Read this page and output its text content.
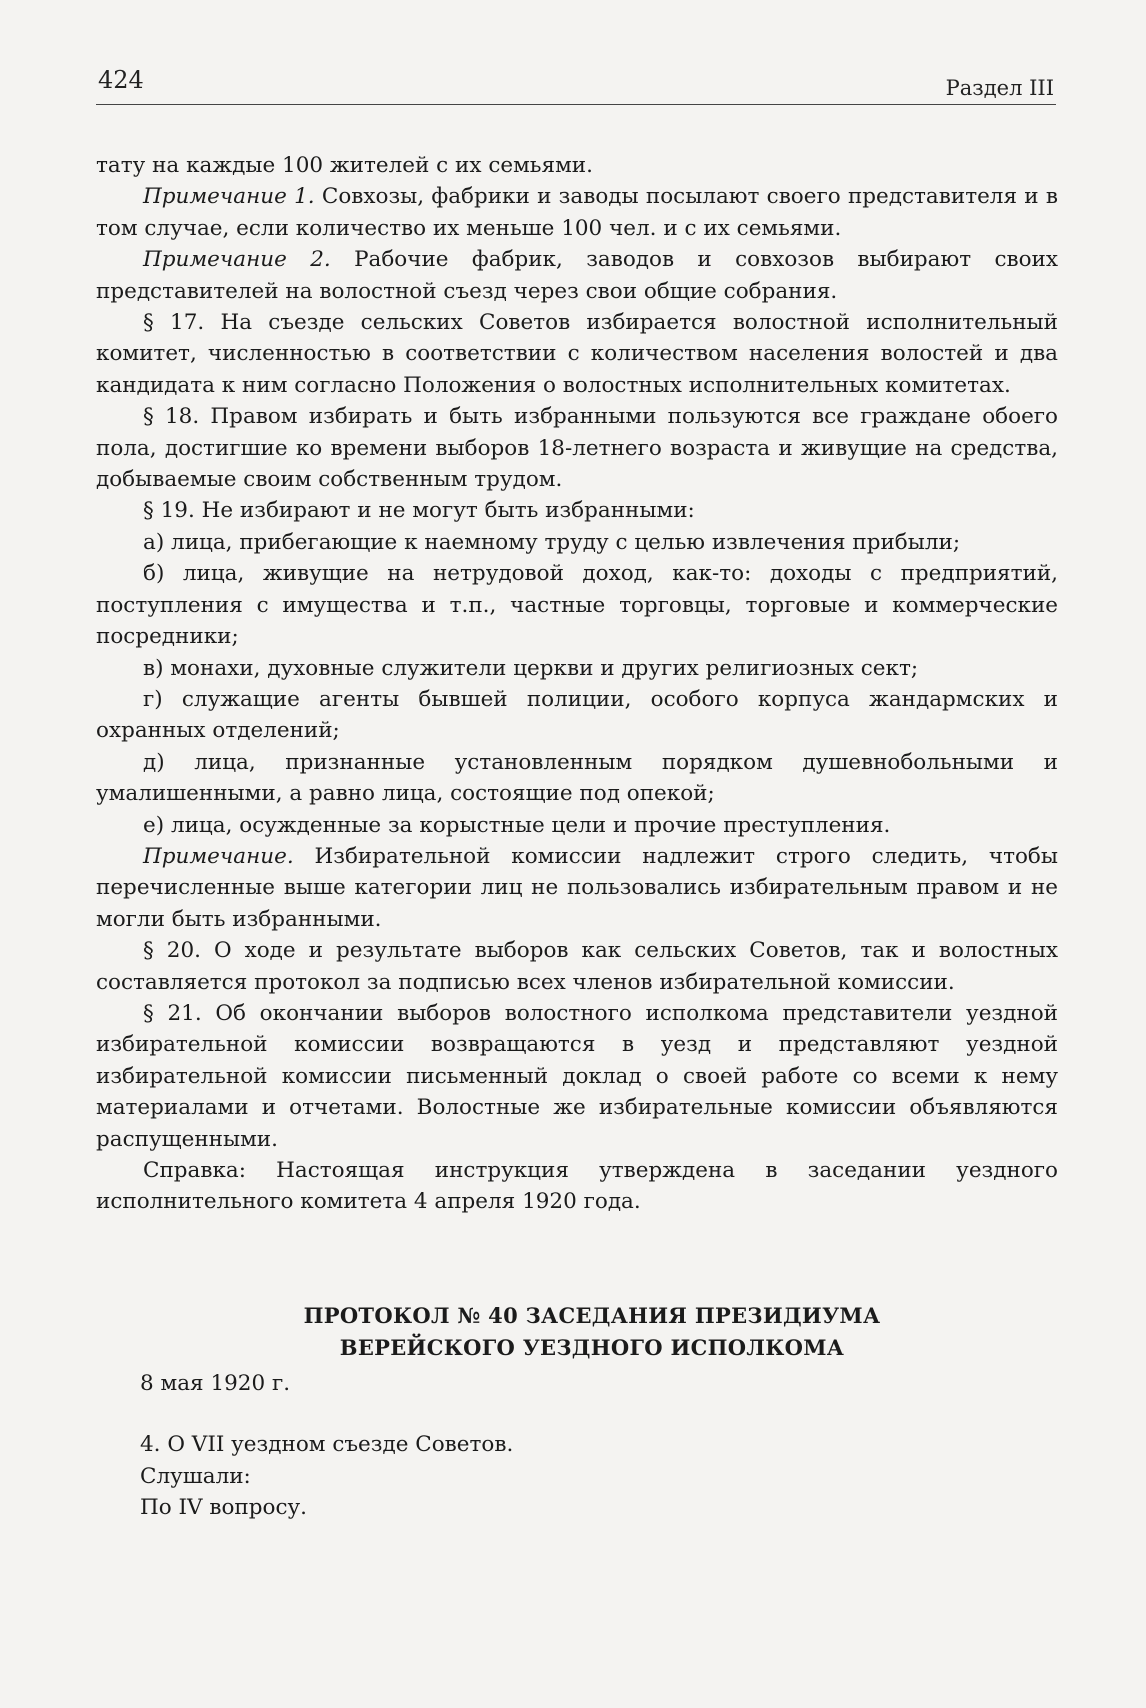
424	Раздел III

тату на каждые 100 жителей с их семьями.

Примечание 1. Совхозы, фабрики и заводы посылают своего представителя и в том случае, если количество их меньше 100 чел. и с их семьями.

Примечание 2. Рабочие фабрик, заводов и совхозов выбирают своих представителей на волостной съезд через свои общие собрания.

§ 17. На съезде сельских Советов избирается волостной исполнительный комитет, численностью в соответствии с количеством населения волостей и два кандидата к ним согласно Положения о волостных исполнительных комитетах.

§ 18. Правом избирать и быть избранными пользуются все граждане обоего пола, достигшие ко времени выборов 18-летнего возраста и живущие на средства, добываемые своим собственным трудом.

§ 19. Не избирают и не могут быть избранными:

а) лица, прибегающие к наемному труду с целью извлечения прибыли;

б) лица, живущие на нетрудовой доход, как-то: доходы с предприятий, поступления с имущества и т.п., частные торговцы, торговые и коммерческие посредники;

в) монахи, духовные служители церкви и других религиозных сект;

г) служащие агенты бывшей полиции, особого корпуса жандармских и охранных отделений;

д) лица, признанные установленным порядком душевнобольными и умалишенными, а равно лица, состоящие под опекой;

е) лица, осужденные за корыстные цели и прочие преступления.

Примечание. Избирательной комиссии надлежит строго следить, чтобы перечисленные выше категории лиц не пользовались избирательным правом и не могли быть избранными.

§ 20. О ходе и результате выборов как сельских Советов, так и волостных составляется протокол за подписью всех членов избирательной комиссии.

§ 21. Об окончании выборов волостного исполкома представители уездной избирательной комиссии возвращаются в уезд и представляют уездной избирательной комиссии письменный доклад о своей работе со всеми к нему материалами и отчетами. Волостные же избирательные комиссии объявляются распущенными.

Справка: Настоящая инструкция утверждена в заседании уездного исполнительного комитета 4 апреля 1920 года.

ПРОТОКОЛ № 40 ЗАСЕДАНИЯ ПРЕЗИДИУМА
ВЕРЕЙСКОГО УЕЗДНОГО ИСПОЛКОМА

8 мая 1920 г.

4. О VII уездном съезде Советов.

Слушали:

По IV вопросу.
